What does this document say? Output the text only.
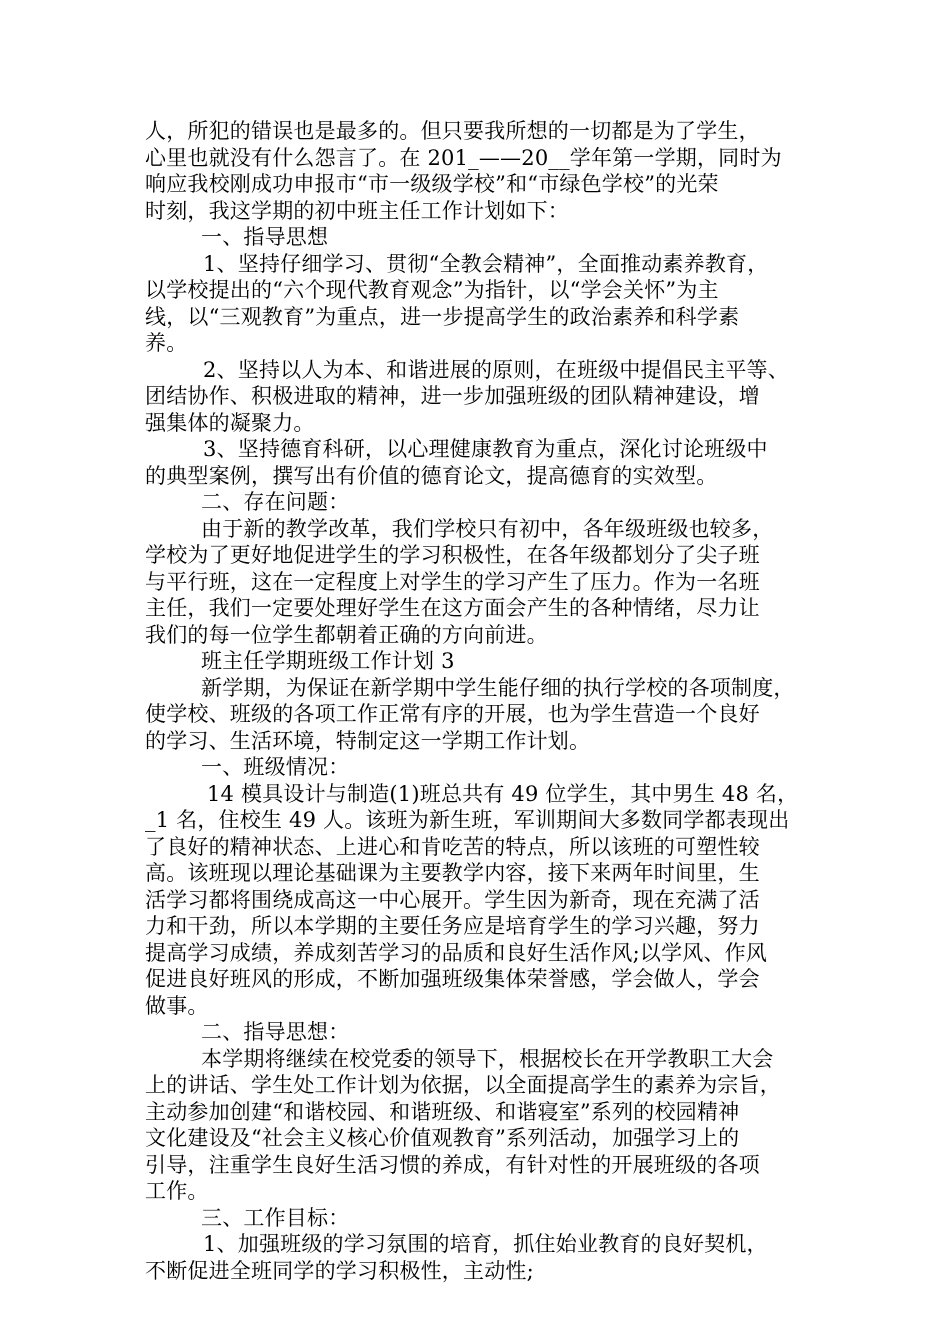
人，所犯的错误也是最多的。但只要我所想的一切都是为了学生，
心里也就没有什么怨言了。在 201_——20__学年第一学期，同时为
响应我校刚成功申报市“市一级级学校”和“市绿色学校”的光荣
时刻，我这学期的初中班主任工作计划如下：
一、指导思想
1、坚持仔细学习、贯彻“全教会精神”，全面推动素养教育，
以学校提出的“六个现代教育观念”为指针，以“学会关怀”为主
线，以“三观教育”为重点，进一步提高学生的政治素养和科学素
养。
2、坚持以人为本、和谐进展的原则，在班级中提倡民主平等、
团结协作、积极进取的精神，进一步加强班级的团队精神建设，增
强集体的凝聚力。
3、坚持德育科研，以心理健康教育为重点，深化讨论班级中
的典型案例，撰写出有价值的德育论文，提高德育的实效型。
二、存在问题：
由于新的教学改革，我们学校只有初中，各年级班级也较多，
学校为了更好地促进学生的学习积极性，在各年级都划分了尖子班
与平行班，这在一定程度上对学生的学习产生了压力。作为一名班
主任，我们一定要处理好学生在这方面会产生的各种情绪，尽力让
我们的每一位学生都朝着正确的方向前进。
班主任学期班级工作计划 3
新学期，为保证在新学期中学生能仔细的执行学校的各项制度，
使学校、班级的各项工作正常有序的开展，也为学生营造一个良好
的学习、生活环境，特制定这一学期工作计划。
一、班级情况：
14 模具设计与制造(1)班总共有 49 位学生，其中男生 48 名，
_1 名，住校生 49 人。该班为新生班，军训期间大多数同学都表现出
了良好的精神状态、上进心和肯吃苦的特点，所以该班的可塑性较
高。该班现以理论基础课为主要教学内容，接下来两年时间里，生
活学习都将围绕成高这一中心展开。学生因为新奇，现在充满了活
力和干劲，所以本学期的主要任务应是培育学生的学习兴趣，努力
提高学习成绩，养成刻苦学习的品质和良好生活作风;以学风、作风
促进良好班风的形成，不断加强班级集体荣誉感，学会做人，学会
做事。
二、指导思想：
本学期将继续在校党委的领导下，根据校长在开学教职工大会
上的讲话、学生处工作计划为依据，以全面提高学生的素养为宗旨，
主动参加创建“和谐校园、和谐班级、和谐寝室”系列的校园精神
文化建设及“社会主义核心价值观教育”系列活动，加强学习上的
引导，注重学生良好生活习惯的养成，有针对性的开展班级的各项
工作。
三、工作目标：
1、加强班级的学习氛围的培育，抓住始业教育的良好契机，
不断促进全班同学的学习积极性，主动性;
